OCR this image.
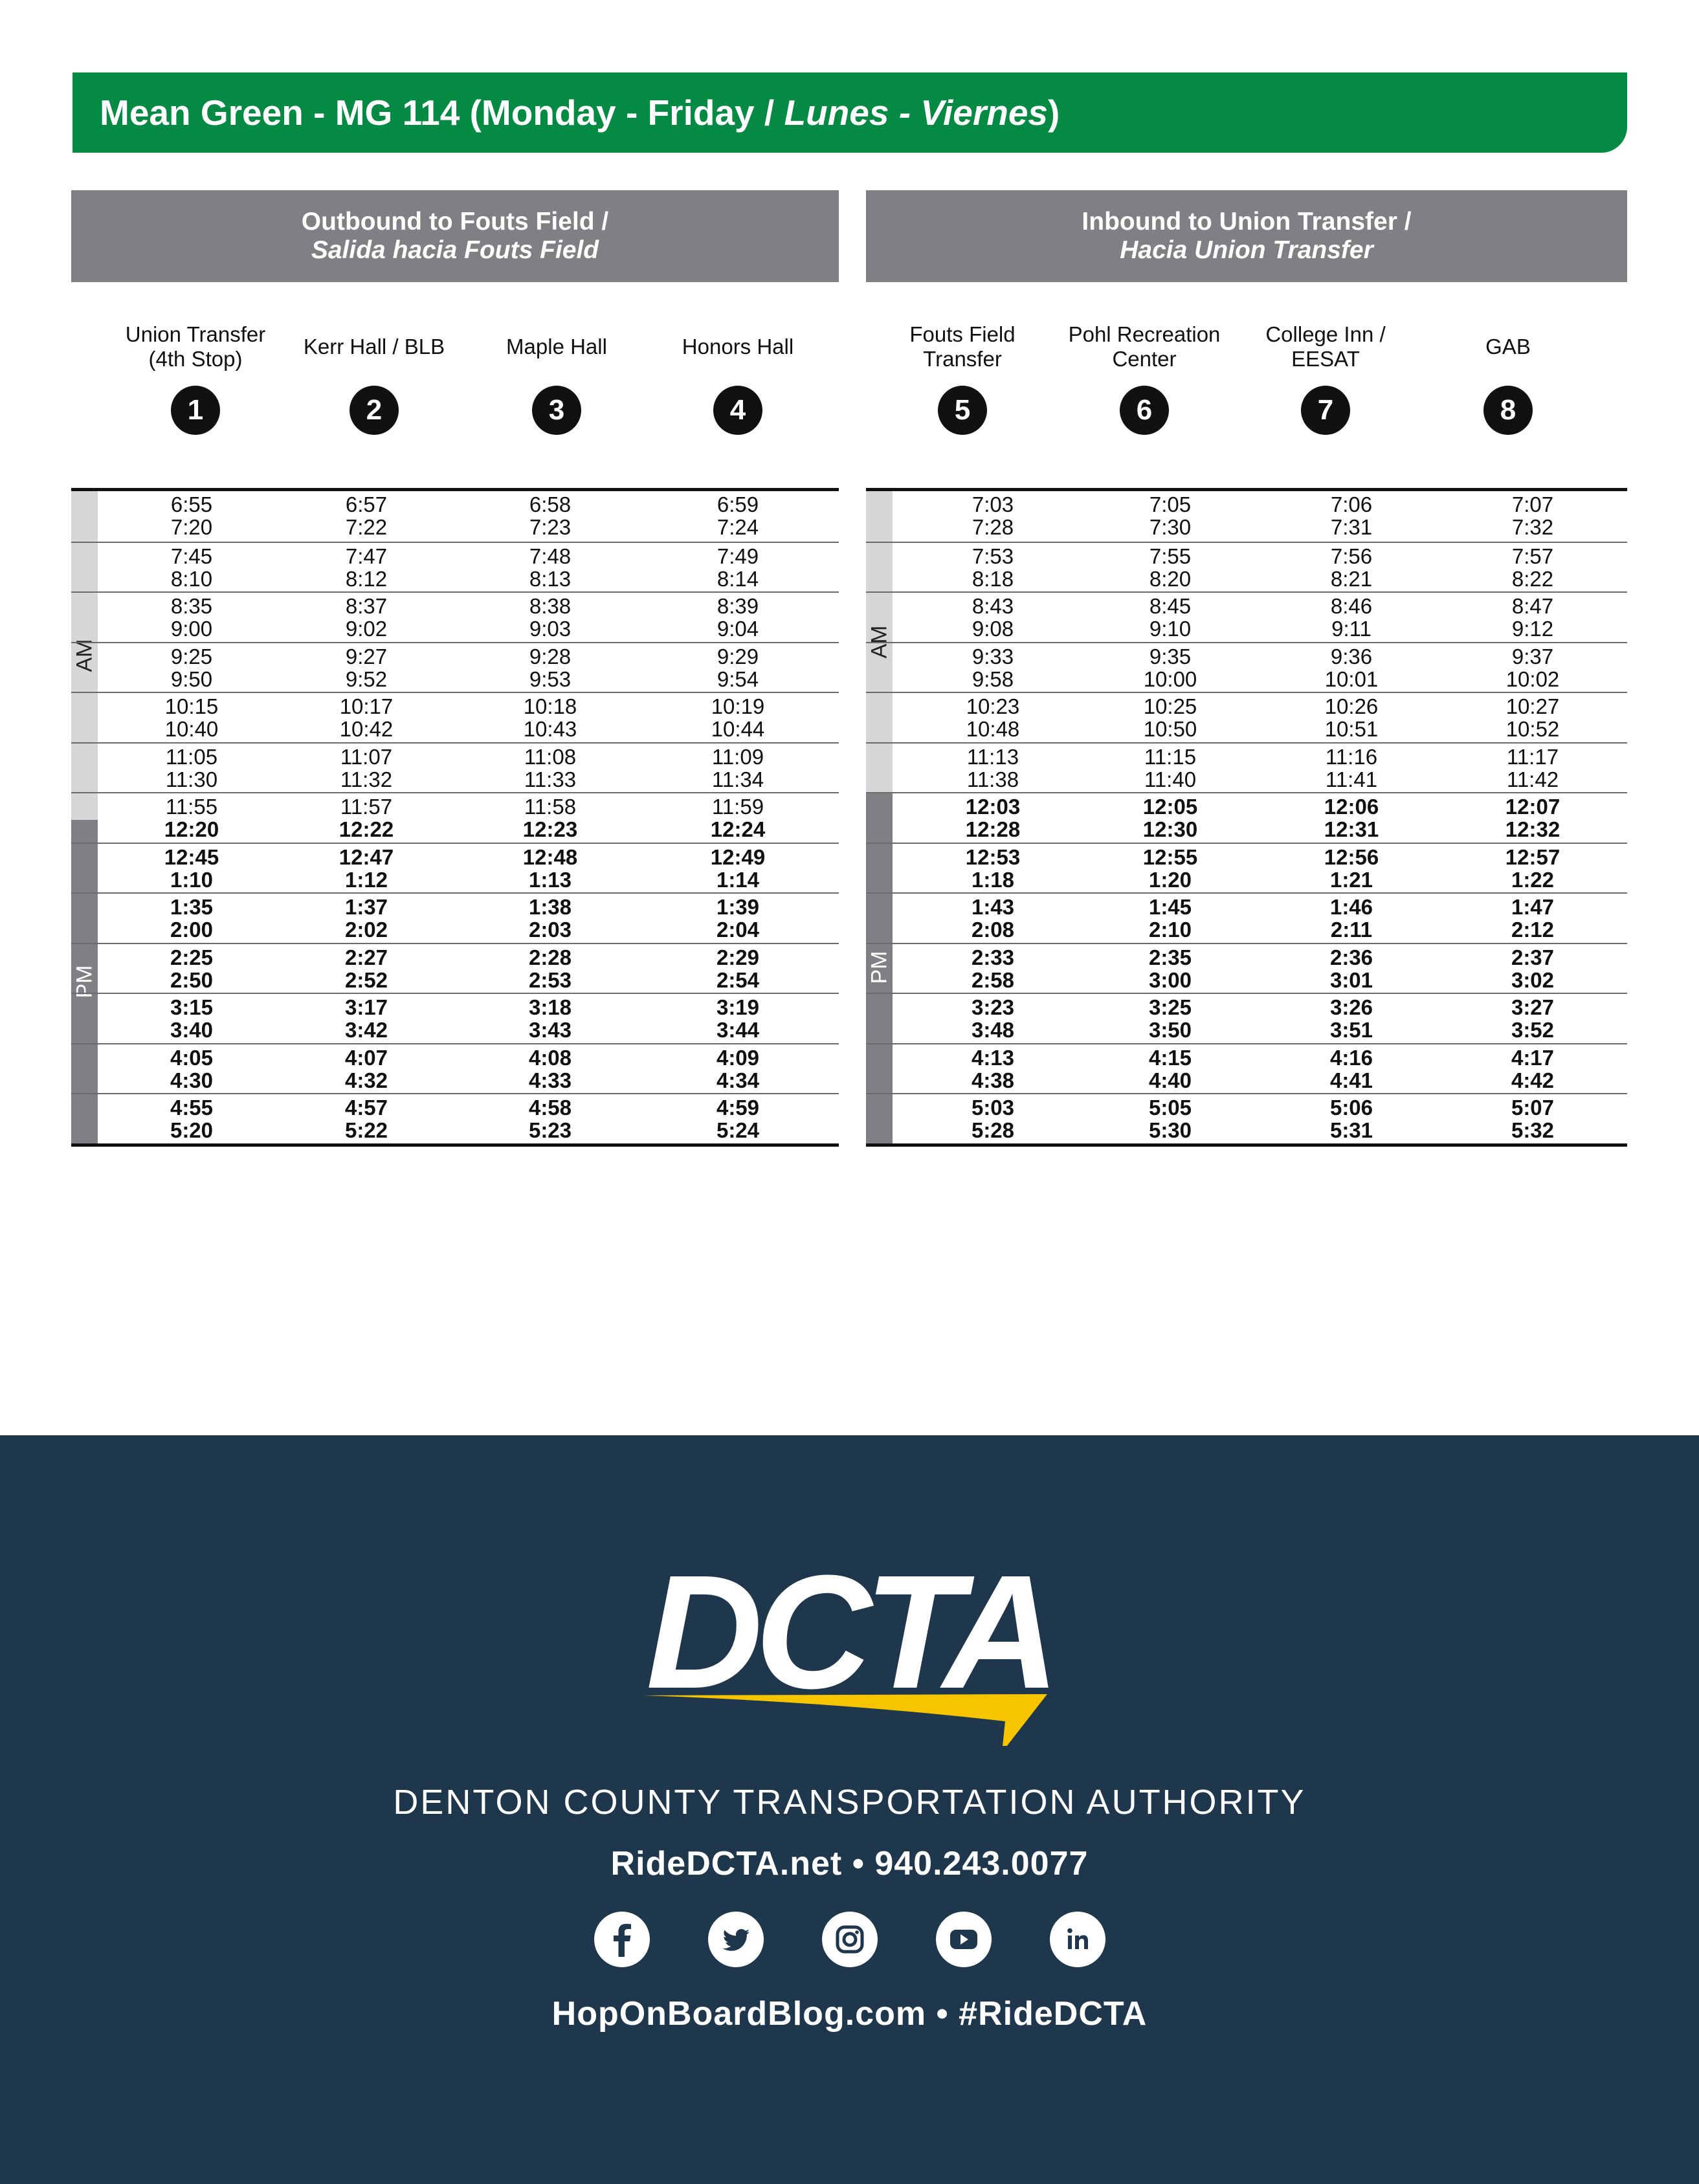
Mean Green - MG 114 (Monday - Friday / Lunes - Viernes)
Outbound to Fouts Field /
Salida hacia Fouts Field
Union Transfer (4th Stop)
1
Kerr Hall / BLB
2
Maple Hall
3
Honors Hall
4
AM
PM
6:55	6:57	6:58	6:59
7:20	7:22	7:23	7:24
7:45	7:47	7:48	7:49
8:10	8:12	8:13	8:14
8:35	8:37	8:38	8:39
9:00	9:02	9:03	9:04
9:25	9:27	9:28	9:29
9:50	9:52	9:53	9:54
10:15	10:17	10:18	10:19
10:40	10:42	10:43	10:44
11:05	11:07	11:08	11:09
11:30	11:32	11:33	11:34
11:55	11:57	11:58	11:59
12:20	12:22	12:23	12:24
12:45	12:47	12:48	12:49
1:10	1:12	1:13	1:14
1:35	1:37	1:38	1:39
2:00	2:02	2:03	2:04
2:25	2:27	2:28	2:29
2:50	2:52	2:53	2:54
3:15	3:17	3:18	3:19
3:40	3:42	3:43	3:44
4:05	4:07	4:08	4:09
4:30	4:32	4:33	4:34
4:55	4:57	4:58	4:59
5:20	5:22	5:23	5:24
Inbound to Union Transfer /
Hacia Union Transfer
Fouts Field Transfer
5
Pohl Recreation Center
6
College Inn / EESAT
7
GAB
8
AM
PM
7:03	7:05	7:06	7:07
7:28	7:30	7:31	7:32
7:53	7:55	7:56	7:57
8:18	8:20	8:21	8:22
8:43	8:45	8:46	8:47
9:08	9:10	9:11	9:12
9:33	9:35	9:36	9:37
9:58	10:00	10:01	10:02
10:23	10:25	10:26	10:27
10:48	10:50	10:51	10:52
11:13	11:15	11:16	11:17
11:38	11:40	11:41	11:42
12:03	12:05	12:06	12:07
12:28	12:30	12:31	12:32
12:53	12:55	12:56	12:57
1:18	1:20	1:21	1:22
1:43	1:45	1:46	1:47
2:08	2:10	2:11	2:12
2:33	2:35	2:36	2:37
2:58	3:00	3:01	3:02
3:23	3:25	3:26	3:27
3:48	3:50	3:51	3:52
4:13	4:15	4:16	4:17
4:38	4:40	4:41	4:42
5:03	5:05	5:06	5:07
5:28	5:30	5:31	5:32
DCTA
DENTON COUNTY TRANSPORTATION AUTHORITY
RideDCTA.net • 940.243.0077
HopOnBoardBlog.com • #RideDCTA
